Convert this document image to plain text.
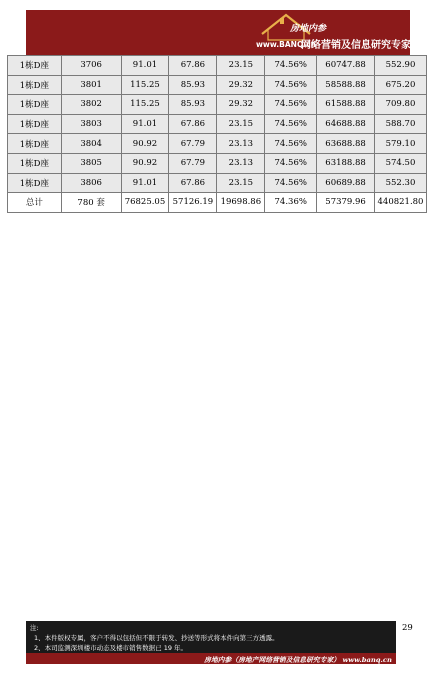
房地内参
www.BANQ.cn
网络营销及信息研究专家
1栋D座	3706	91.01	67.86	23.15	74.56%	60747.88	552.90
1栋D座	3801	115.25	85.93	29.32	74.56%	58588.88	675.20
1栋D座	3802	115.25	85.93	29.32	74.56%	61588.88	709.80
1栋D座	3803	91.01	67.86	23.15	74.56%	64688.88	588.70
1栋D座	3804	90.92	67.79	23.13	74.56%	63688.88	579.10
1栋D座	3805	90.92	67.79	23.13	74.56%	63188.88	574.50
1栋D座	3806	91.01	67.86	23.15	74.56%	60689.88	552.30
总计	780 套	76825.05	57126.19	19698.86	74.36%	57379.96	440821.80
29
注:
1、本件版权专属，客户不得以包括但不限于转发、抄送等形式将本件向第三方透露。
2、本司监测深圳楼市动态及楼市销售数据已 19 年。
房地内参（房地产网络营销及信息研究专家） www.banq.cn
